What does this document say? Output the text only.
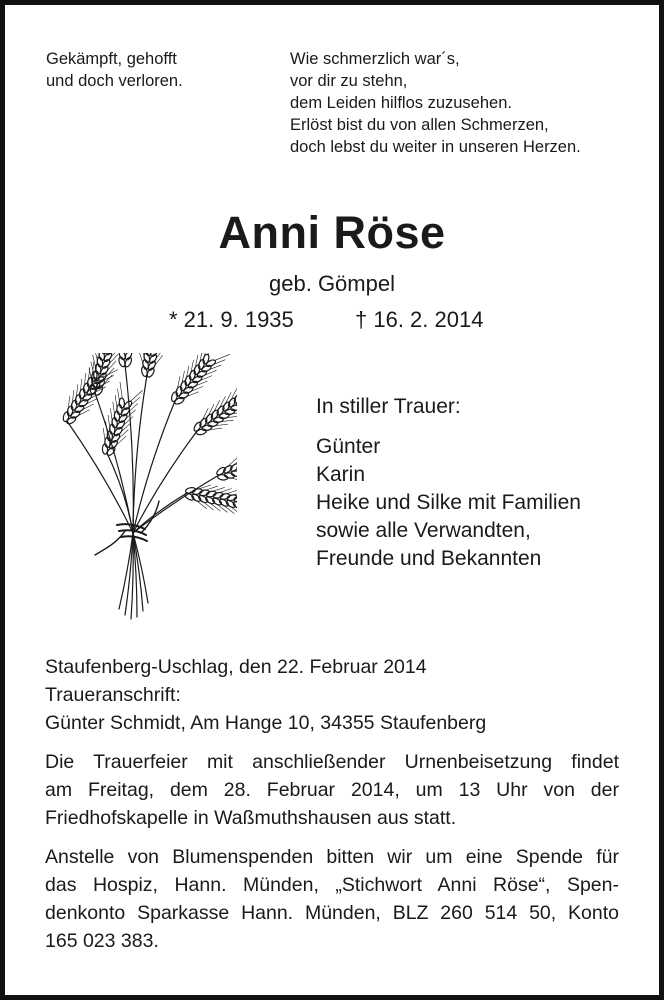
Gekämpft, gehofft
und doch verloren.
Wie schmerzlich war´s,
vor dir zu stehn,
dem Leiden hilflos zuzusehen.
Erlöst bist du von allen Schmerzen,
doch lebst du weiter in unseren Herzen.
Anni Röse
geb. Gömpel
* 21. 9. 1935	† 16. 2. 2014
In stiller Trauer:
Günter
Karin
Heike und Silke mit Familien
sowie alle Verwandten,
Freunde und Bekannten
Staufenberg-Uschlag, den 22. Februar 2014
Traueranschrift:
Günter Schmidt, Am Hange 10, 34355 Staufenberg
Die Trauerfeier mit anschließender Urnenbeisetzung findet
am Freitag, dem 28. Februar 2014, um 13 Uhr von der
Friedhofskapelle in Waßmuthshausen aus statt.
Anstelle von Blumenspenden bitten wir um eine Spende für
das Hospiz, Hann. Münden, „Stichwort Anni Röse“, Spen-
denkonto Sparkasse Hann. Münden, BLZ 260 514 50, Konto
165 023 383.
